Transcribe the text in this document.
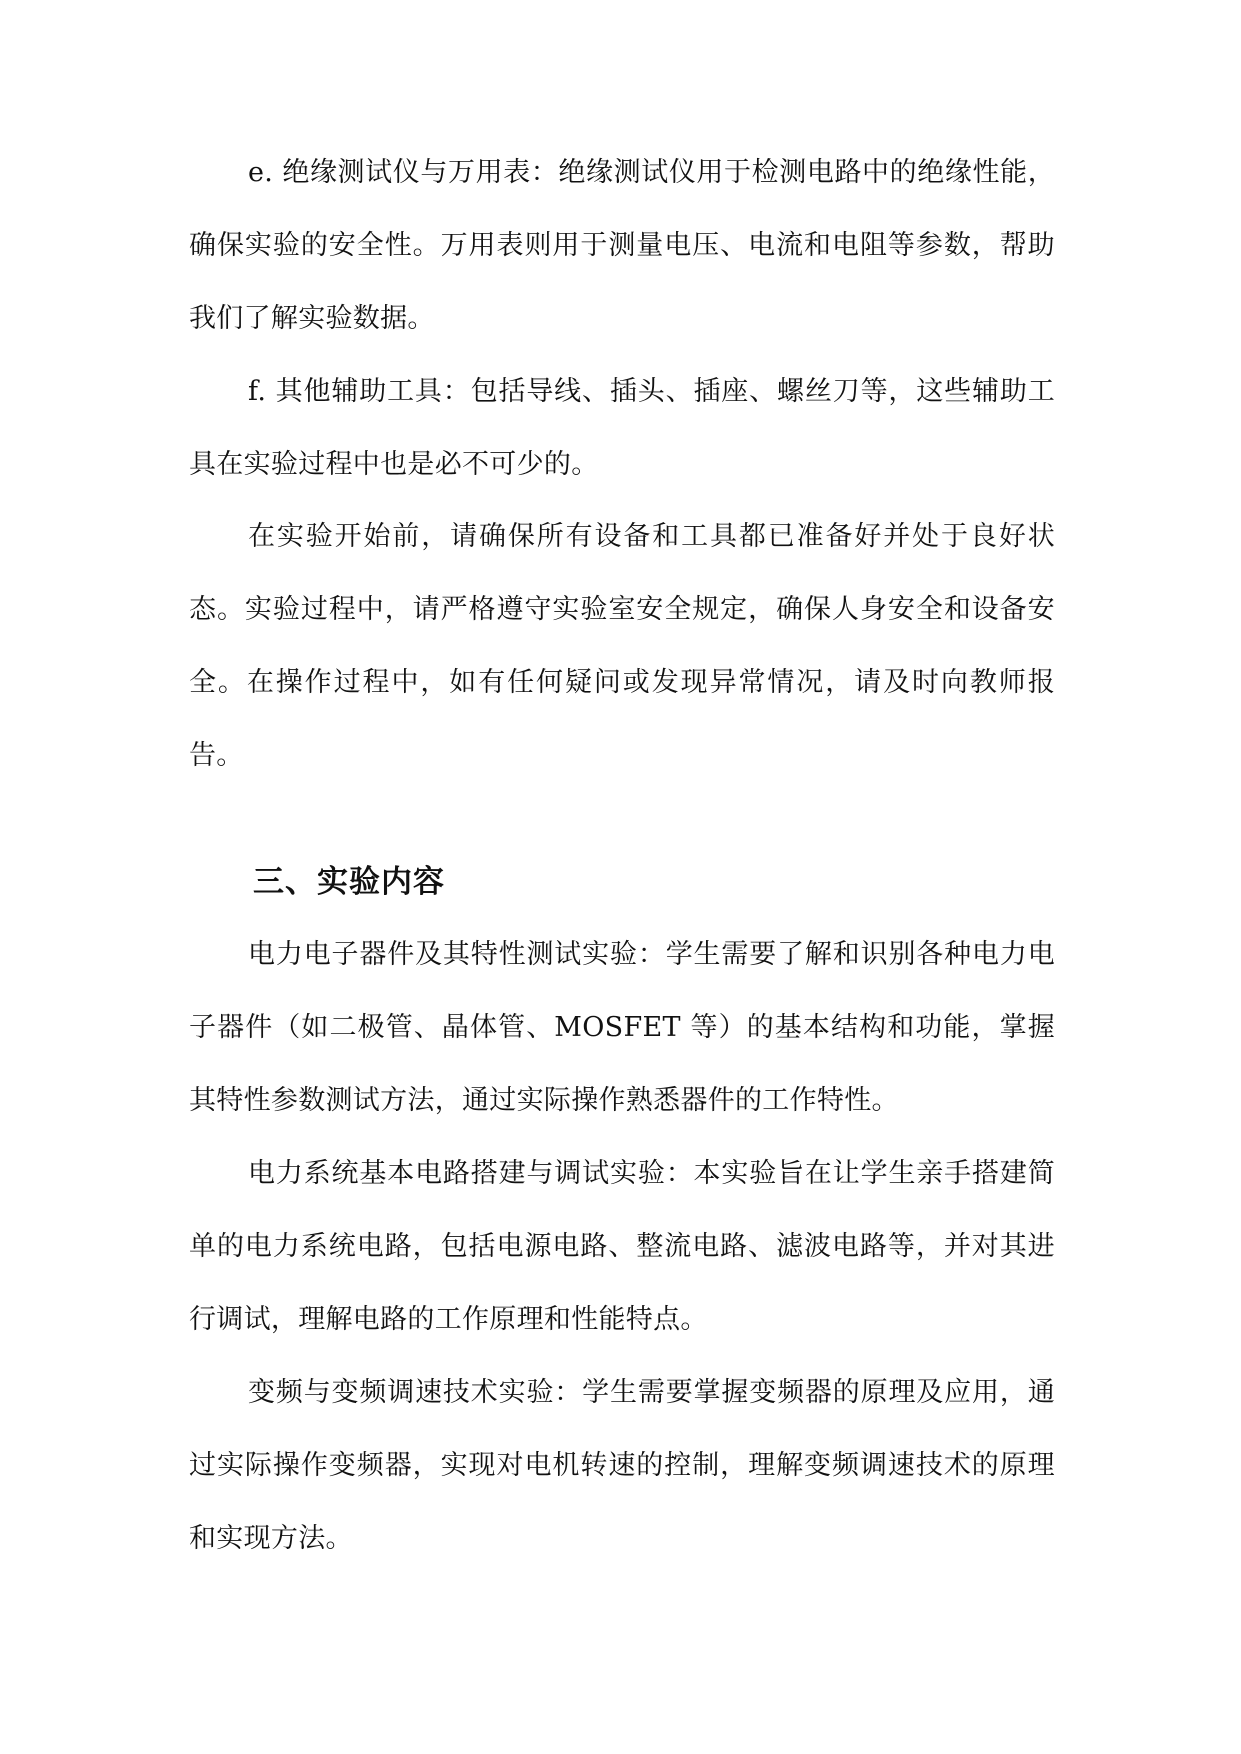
e. 绝缘测试仪与万用表：绝缘测试仪用于检测电路中的绝缘性能，确保实验的安全性。万用表则用于测量电压、电流和电阻等参数，帮助我们了解实验数据。

f. 其他辅助工具：包括导线、插头、插座、螺丝刀等，这些辅助工具在实验过程中也是必不可少的。

在实验开始前，请确保所有设备和工具都已准备好并处于良好状态。实验过程中，请严格遵守实验室安全规定，确保人身安全和设备安全。在操作过程中，如有任何疑问或发现异常情况，请及时向教师报告。

三、实验内容

电力电子器件及其特性测试实验：学生需要了解和识别各种电力电子器件（如二极管、晶体管、MOSFET 等）的基本结构和功能，掌握其特性参数测试方法，通过实际操作熟悉器件的工作特性。

电力系统基本电路搭建与调试实验：本实验旨在让学生亲手搭建简单的电力系统电路，包括电源电路、整流电路、滤波电路等，并对其进行调试，理解电路的工作原理和性能特点。

变频与变频调速技术实验：学生需要掌握变频器的原理及应用，通过实际操作变频器，实现对电机转速的控制，理解变频调速技术的原理和实现方法。
